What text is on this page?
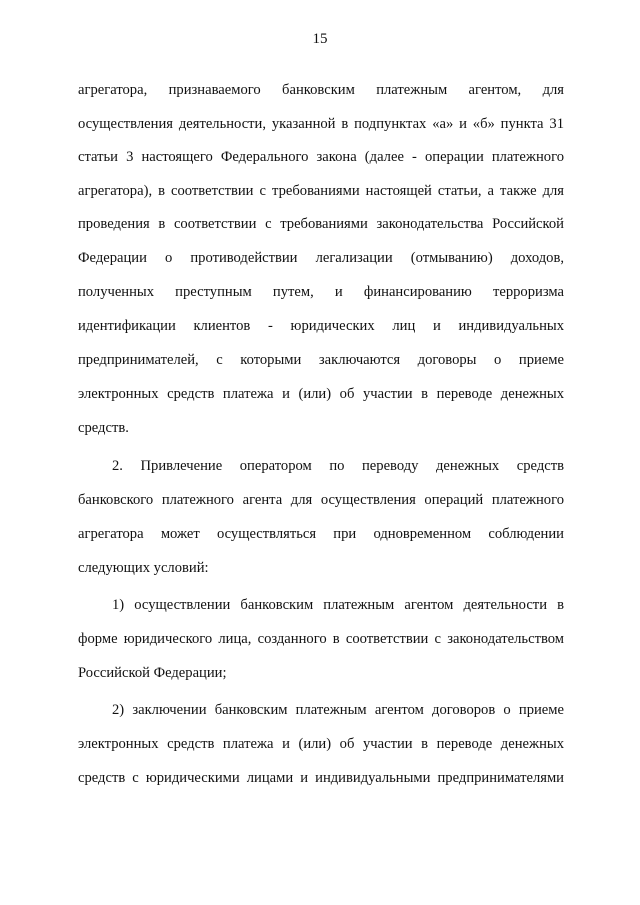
15
агрегатора, признаваемого банковским платежным агентом, для
осуществления деятельности, указанной в подпунктах «а» и «б» пункта 31
статьи 3 настоящего Федерального закона (далее - операции платежного
агрегатора), в соответствии с требованиями настоящей статьи, а также для
проведения в соответствии с требованиями законодательства Российской
Федерации о противодействии легализации (отмыванию) доходов,
полученных преступным путем, и финансированию терроризма
идентификации клиентов - юридических лиц и индивидуальных
предпринимателей, с которыми заключаются договоры о приеме
электронных средств платежа и (или) об участии в переводе денежных
средств.
2. Привлечение оператором по переводу денежных средств
банковского платежного агента для осуществления операций платежного
агрегатора может осуществляться при одновременном соблюдении
следующих условий:
1) осуществлении банковским платежным агентом деятельности в
форме юридического лица, созданного в соответствии с законодательством
Российской Федерации;
2) заключении банковским платежным агентом договоров о приеме
электронных средств платежа и (или) об участии в переводе денежных
средств с юридическими лицами и индивидуальными предпринимателями
